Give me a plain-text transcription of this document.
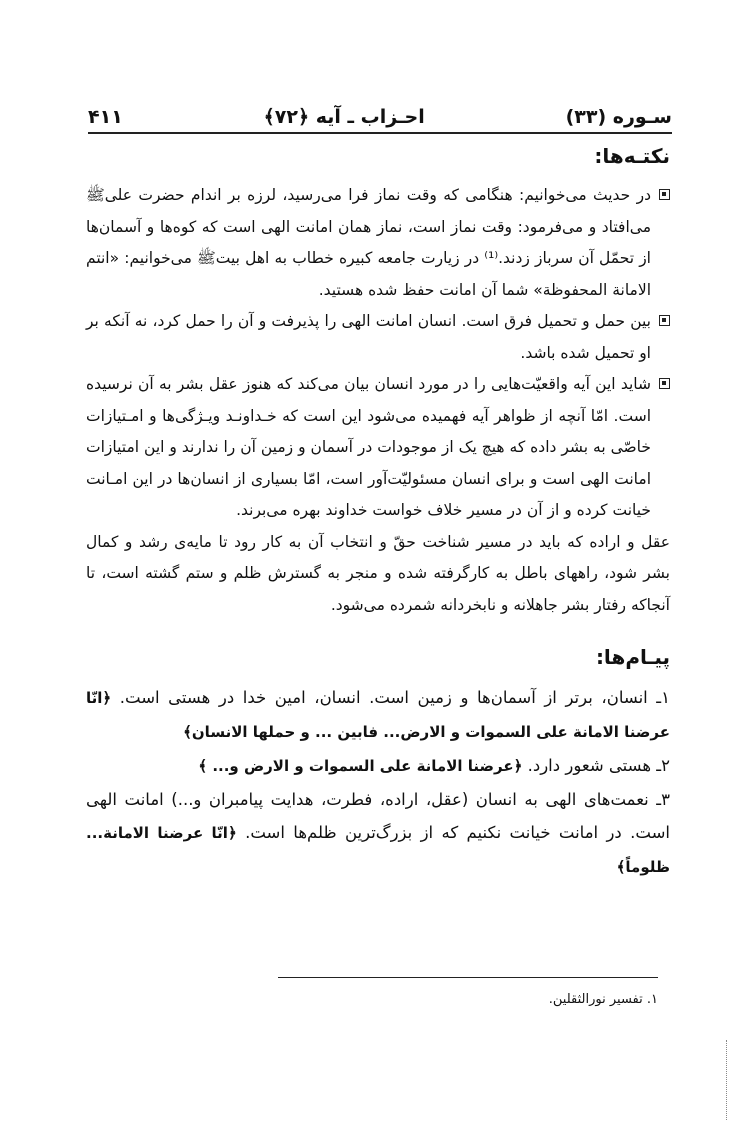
سـوره (۳۳)
احـزاب ـ آیه ﴿۷۲﴾
۴۱۱
نکتـه‌ها:
در حدیث می‌خوانیم: هنگامی که وقت نماز فرا می‌رسید، لرزه بر اندام حضرت علی‌ﷺ می‌افتاد و می‌فرمود: وقت نماز است، نماز همان امانت الهی است که کوه‌ها و آسمان‌ها از تحمّل آن سرباز زدند.⁽¹⁾ در زیارت جامعه کبیره خطاب به اهل بیتﷺ می‌خوانیم: «انتم الامانة المحفوظة» شما آن امانت حفظ شده هستید.
بین حمل و تحمیل فرق است. انسان امانت الهی را پذیرفت و آن را حمل کرد، نه آنکه بر او تحمیل شده باشد.
شاید این آیه واقعیّت‌هایی را در مورد انسان بیان می‌کند که هنوز عقل بشر به آن نرسیده است. امّا آنچه از ظواهر آیه فهمیده می‌شود این است که خـداونـد ویـژگی‌ها و امـتیازات خاصّی به بشر داده که هیچ یک از موجودات در آسمان و زمین آن را ندارند و این امتیازات امانت الهی است و برای انسان مسئولیّت‌آور است، امّا بسیاری از انسان‌ها در این امـانت خیانت کرده و از آن در مسیر خلاف خواست خداوند بهره می‌برند.

عقل و اراده که باید در مسیر شناخت حقّ و انتخاب آن به کار رود تا مایه‌ی رشد و کمال بشر شود، راههای باطل به کارگرفته شده و منجر به گسترش ظلم و ستم گشته است، تا آنجاکه رفتار بشر جاهلانه و نابخردانه شمرده می‌شود.

پیـام‌ها:

۱ـ انسان، برتر از آسمان‌ها و زمین است. انسان، امین خدا در هستی است. ﴿انّا عرضنا الامانة علی السموات و الارض... فابین ... و حملها الانسان﴾

۲ـ هستی شعور دارد. ﴿عرضنا الامانة علی السموات و الارض و... ﴾

۳ـ نعمت‌های الهی به انسان (عقل، اراده، فطرت، هدایت پیامبران و...) امانت الهی است. در امانت خیانت نکنیم که از بزرگ‌ترین ظلم‌ها است. ﴿انّا عرضنا الامانة... ظلوماً﴾

۱. تفسیر نورالثقلین.
